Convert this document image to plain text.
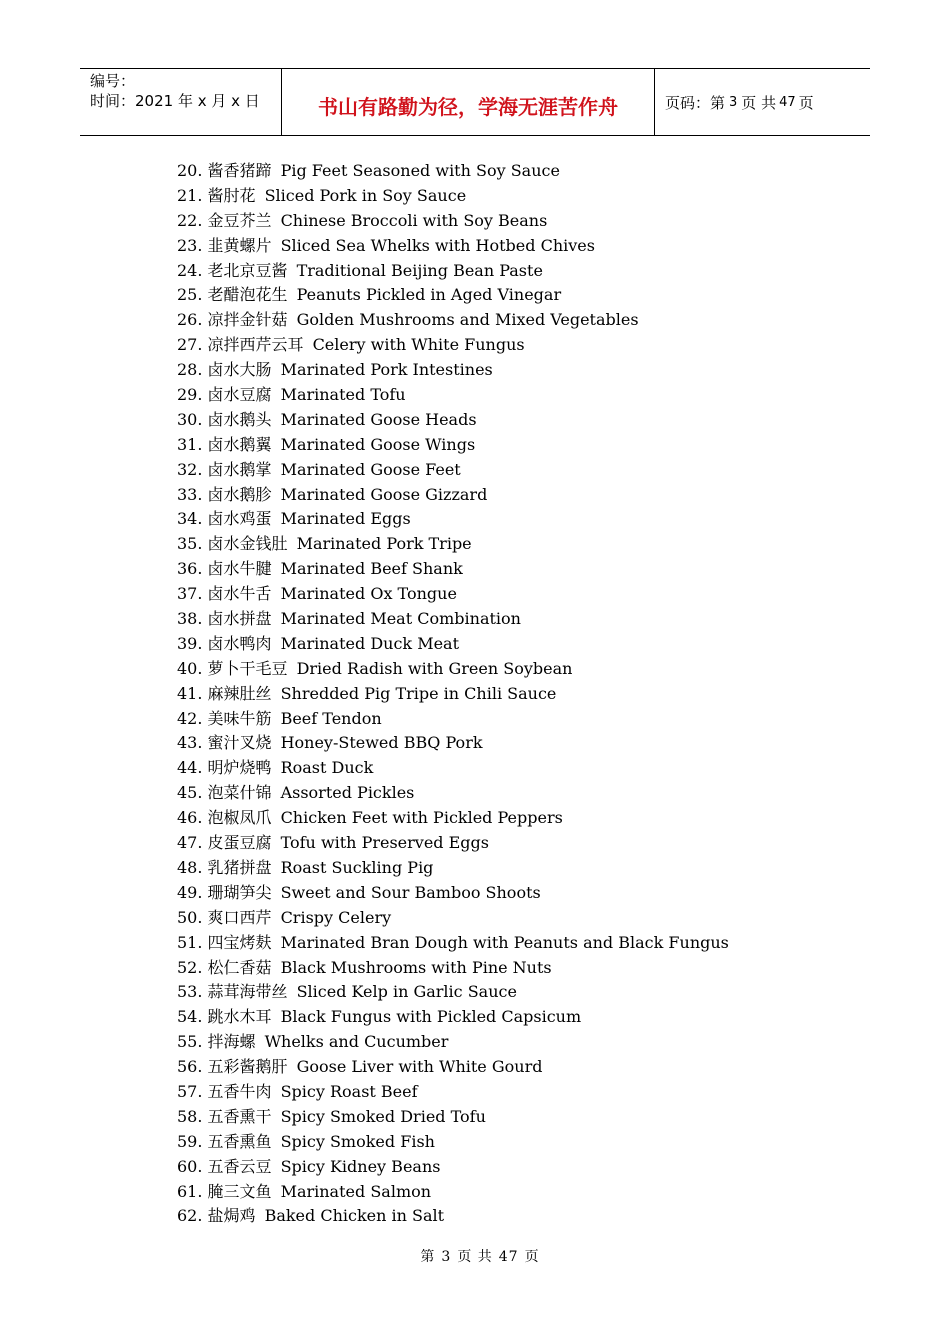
编号：
时间：2021 年 x 月 x 日	书山有路勤为径，学海无涯苦作舟	页码：第 3 页 共 47 页
20. 酱香猪蹄 Pig Feet Seasoned with Soy Sauce
21. 酱肘花 Sliced Pork in Soy Sauce
22. 金豆芥兰 Chinese Broccoli with Soy Beans
23. 韭黄螺片 Sliced Sea Whelks with Hotbed Chives
24. 老北京豆酱 Traditional Beijing Bean Paste
25. 老醋泡花生 Peanuts Pickled in Aged Vinegar
26. 凉拌金针菇 Golden Mushrooms and Mixed Vegetables
27. 凉拌西芹云耳 Celery with White Fungus
28. 卤水大肠 Marinated Pork Intestines
29. 卤水豆腐 Marinated Tofu
30. 卤水鹅头 Marinated Goose Heads
31. 卤水鹅翼 Marinated Goose Wings
32. 卤水鹅掌 Marinated Goose Feet
33. 卤水鹅胗 Marinated Goose Gizzard
34. 卤水鸡蛋 Marinated Eggs
35. 卤水金钱肚 Marinated Pork Tripe
36. 卤水牛腱 Marinated Beef Shank
37. 卤水牛舌 Marinated Ox Tongue
38. 卤水拼盘 Marinated Meat Combination
39. 卤水鸭肉 Marinated Duck Meat
40. 萝卜干毛豆 Dried Radish with Green Soybean
41. 麻辣肚丝 Shredded Pig Tripe in Chili Sauce
42. 美味牛筋 Beef Tendon
43. 蜜汁叉烧 Honey-Stewed BBQ Pork
44. 明炉烧鸭 Roast Duck
45. 泡菜什锦 Assorted Pickles
46. 泡椒凤爪 Chicken Feet with Pickled Peppers
47. 皮蛋豆腐 Tofu with Preserved Eggs
48. 乳猪拼盘 Roast Suckling Pig
49. 珊瑚笋尖 Sweet and Sour Bamboo Shoots
50. 爽口西芹 Crispy Celery
51. 四宝烤麸 Marinated Bran Dough with Peanuts and Black Fungus
52. 松仁香菇 Black Mushrooms with Pine Nuts
53. 蒜茸海带丝 Sliced Kelp in Garlic Sauce
54. 跳水木耳 Black Fungus with Pickled Capsicum
55. 拌海螺 Whelks and Cucumber
56. 五彩酱鹅肝 Goose Liver with White Gourd
57. 五香牛肉 Spicy Roast Beef
58. 五香熏干 Spicy Smoked Dried Tofu
59. 五香熏鱼 Spicy Smoked Fish
60. 五香云豆 Spicy Kidney Beans
61. 腌三文鱼 Marinated Salmon
62. 盐焗鸡 Baked Chicken in Salt
第 3 页 共 47 页
